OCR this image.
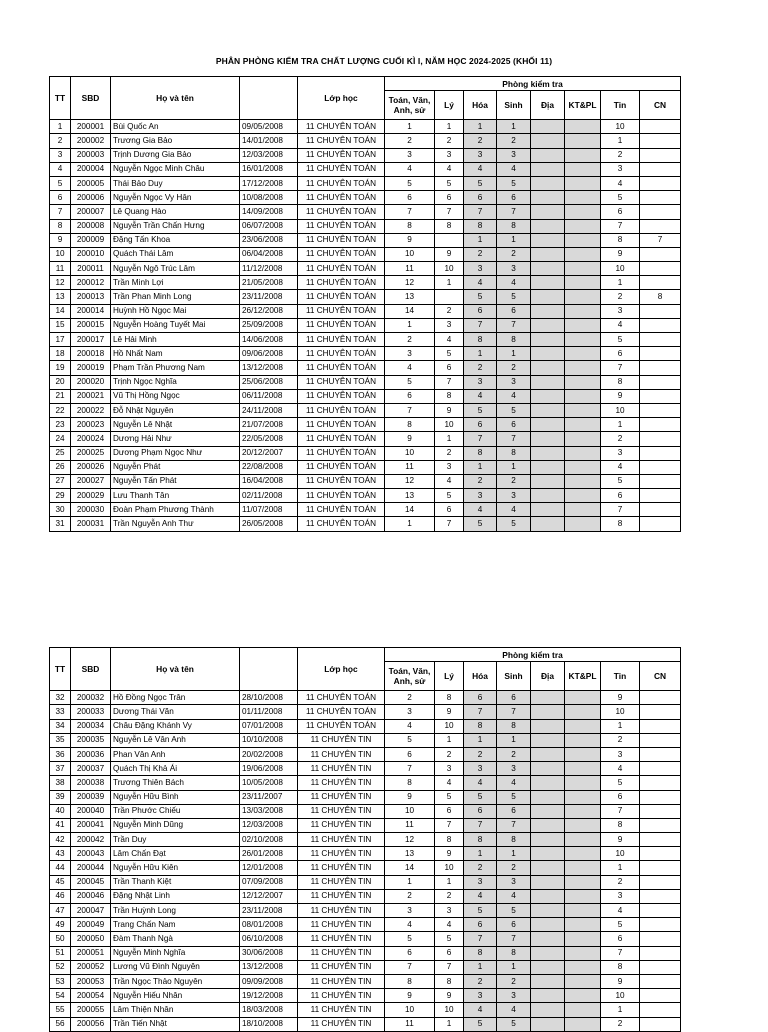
PHÂN PHÒNG KIỂM TRA CHẤT LƯỢNG CUỐI KÌ I, NĂM HỌC 2024-2025 (KHỐI 11)
TT	SBD	Họ và tên		Lớp học	Phòng kiểm tra							
					Toán, Văn, Anh, sử	Lý	Hóa	Sinh	Địa	KT&PL	Tin	CN
1	200001	Bùi Quốc An	09/05/2008	11 CHUYÊN TOÁN	1	1	1	1			10	
2	200002	Trương Gia Bảo	14/01/2008	11 CHUYÊN TOÁN	2	2	2	2			1	
3	200003	Trịnh Dương Gia Bảo	12/03/2008	11 CHUYÊN TOÁN	3	3	3	3			2	
4	200004	Nguyễn Ngọc Minh Châu	16/01/2008	11 CHUYÊN TOÁN	4	4	4	4			3	
5	200005	Thái Bảo Duy	17/12/2008	11 CHUYÊN TOÁN	5	5	5	5			4	
6	200006	Nguyễn Ngọc Vy Hân	10/08/2008	11 CHUYÊN TOÁN	6	6	6	6			5	
7	200007	Lê Quang Hào	14/09/2008	11 CHUYÊN TOÁN	7	7	7	7			6	
8	200008	Nguyễn Trần Chấn Hưng	06/07/2008	11 CHUYÊN TOÁN	8	8	8	8			7	
9	200009	Đặng Tấn Khoa	23/06/2008	11 CHUYÊN TOÁN	9		1	1			8	7
10	200010	Quách Thái Lâm	06/04/2008	11 CHUYÊN TOÁN	10	9	2	2			9	
11	200011	Nguyễn Ngô Trúc Lâm	11/12/2008	11 CHUYÊN TOÁN	11	10	3	3			10	
12	200012	Trần Minh Lợi	21/05/2008	11 CHUYÊN TOÁN	12	1	4	4			1	
13	200013	Trần Phan Minh Long	23/11/2008	11 CHUYÊN TOÁN	13		5	5			2	8
14	200014	Huỳnh Hồ Ngọc Mai	26/12/2008	11 CHUYÊN TOÁN	14	2	6	6			3	
15	200015	Nguyễn Hoàng Tuyết Mai	25/09/2008	11 CHUYÊN TOÁN	1	3	7	7			4	
17	200017	Lê Hải Minh	14/06/2008	11 CHUYÊN TOÁN	2	4	8	8			5	
18	200018	Hồ Nhất Nam	09/06/2008	11 CHUYÊN TOÁN	3	5	1	1			6	
19	200019	Phạm Trần Phương Nam	13/12/2008	11 CHUYÊN TOÁN	4	6	2	2			7	
20	200020	Trịnh Ngọc Nghĩa	25/06/2008	11 CHUYÊN TOÁN	5	7	3	3			8	
21	200021	Vũ Thị Hồng Ngọc	06/11/2008	11 CHUYÊN TOÁN	6	8	4	4			9	
22	200022	Đỗ Nhật Nguyên	24/11/2008	11 CHUYÊN TOÁN	7	9	5	5			10	
23	200023	Nguyễn Lê Nhật	21/07/2008	11 CHUYÊN TOÁN	8	10	6	6			1	
24	200024	Dương Hải Như	22/05/2008	11 CHUYÊN TOÁN	9	1	7	7			2	
25	200025	Dương Phạm Ngọc Như	20/12/2007	11 CHUYÊN TOÁN	10	2	8	8			3	
26	200026	Nguyễn Phát	22/08/2008	11 CHUYÊN TOÁN	11	3	1	1			4	
27	200027	Nguyễn Tấn Phát	16/04/2008	11 CHUYÊN TOÁN	12	4	2	2			5	
29	200029	Lưu Thanh Tân	02/11/2008	11 CHUYÊN TOÁN	13	5	3	3			6	
30	200030	Đoàn Phạm Phương Thành	11/07/2008	11 CHUYÊN TOÁN	14	6	4	4			7	
31	200031	Trần Nguyễn Anh Thư	26/05/2008	11 CHUYÊN TOÁN	1	7	5	5			8	
TT	SBD	Họ và tên		Lớp học	Phòng kiểm tra							
					Toán, Văn, Anh, sử	Lý	Hóa	Sinh	Địa	KT&PL	Tin	CN
32	200032	Hồ Đồng Ngọc Trân	28/10/2008	11 CHUYÊN TOÁN	2	8	6	6			9	
33	200033	Dương Thái Văn	01/11/2008	11 CHUYÊN TOÁN	3	9	7	7			10	
34	200034	Châu Đặng Khánh Vy	07/01/2008	11 CHUYÊN TOÁN	4	10	8	8			1	
35	200035	Nguyễn Lê Vân Anh	10/10/2008	11 CHUYÊN TIN	5	1	1	1			2	
36	200036	Phan Vân Anh	20/02/2008	11 CHUYÊN TIN	6	2	2	2			3	
37	200037	Quách Thị Khả Ái	19/06/2008	11 CHUYÊN TIN	7	3	3	3			4	
38	200038	Trương Thiên Bách	10/05/2008	11 CHUYÊN TIN	8	4	4	4			5	
39	200039	Nguyễn Hữu Bình	23/11/2007	11 CHUYÊN TIN	9	5	5	5			6	
40	200040	Trần Phước Chiếu	13/03/2008	11 CHUYÊN TIN	10	6	6	6			7	
41	200041	Nguyễn Minh Dũng	12/03/2008	11 CHUYÊN TIN	11	7	7	7			8	
42	200042	Trần Duy	02/10/2008	11 CHUYÊN TIN	12	8	8	8			9	
43	200043	Lâm Chấn Đạt	26/01/2008	11 CHUYÊN TIN	13	9	1	1			10	
44	200044	Nguyễn Hữu Kiên	12/01/2008	11 CHUYÊN TIN	14	10	2	2			1	
45	200045	Trần Thanh Kiệt	07/09/2008	11 CHUYÊN TIN	1	1	3	3			2	
46	200046	Đặng Nhật Linh	12/12/2007	11 CHUYÊN TIN	2	2	4	4			3	
47	200047	Trần Huỳnh Long	23/11/2008	11 CHUYÊN TIN	3	3	5	5			4	
49	200049	Trang Chấn Nam	08/01/2008	11 CHUYÊN TIN	4	4	6	6			5	
50	200050	Đàm Thanh Ngà	06/10/2008	11 CHUYÊN TIN	5	5	7	7			6	
51	200051	Nguyễn Minh Nghĩa	30/06/2008	11 CHUYÊN TIN	6	6	8	8			7	
52	200052	Lương Vũ Đình Nguyên	13/12/2008	11 CHUYÊN TIN	7	7	1	1			8	
53	200053	Trần Ngọc Thảo Nguyên	09/09/2008	11 CHUYÊN TIN	8	8	2	2			9	
54	200054	Nguyễn Hiếu Nhân	19/12/2008	11 CHUYÊN TIN	9	9	3	3			10	
55	200055	Lâm Thiện Nhân	18/03/2008	11 CHUYÊN TIN	10	10	4	4			1	
56	200056	Trần Tiến Nhật	18/10/2008	11 CHUYÊN TIN	11	1	5	5			2	
